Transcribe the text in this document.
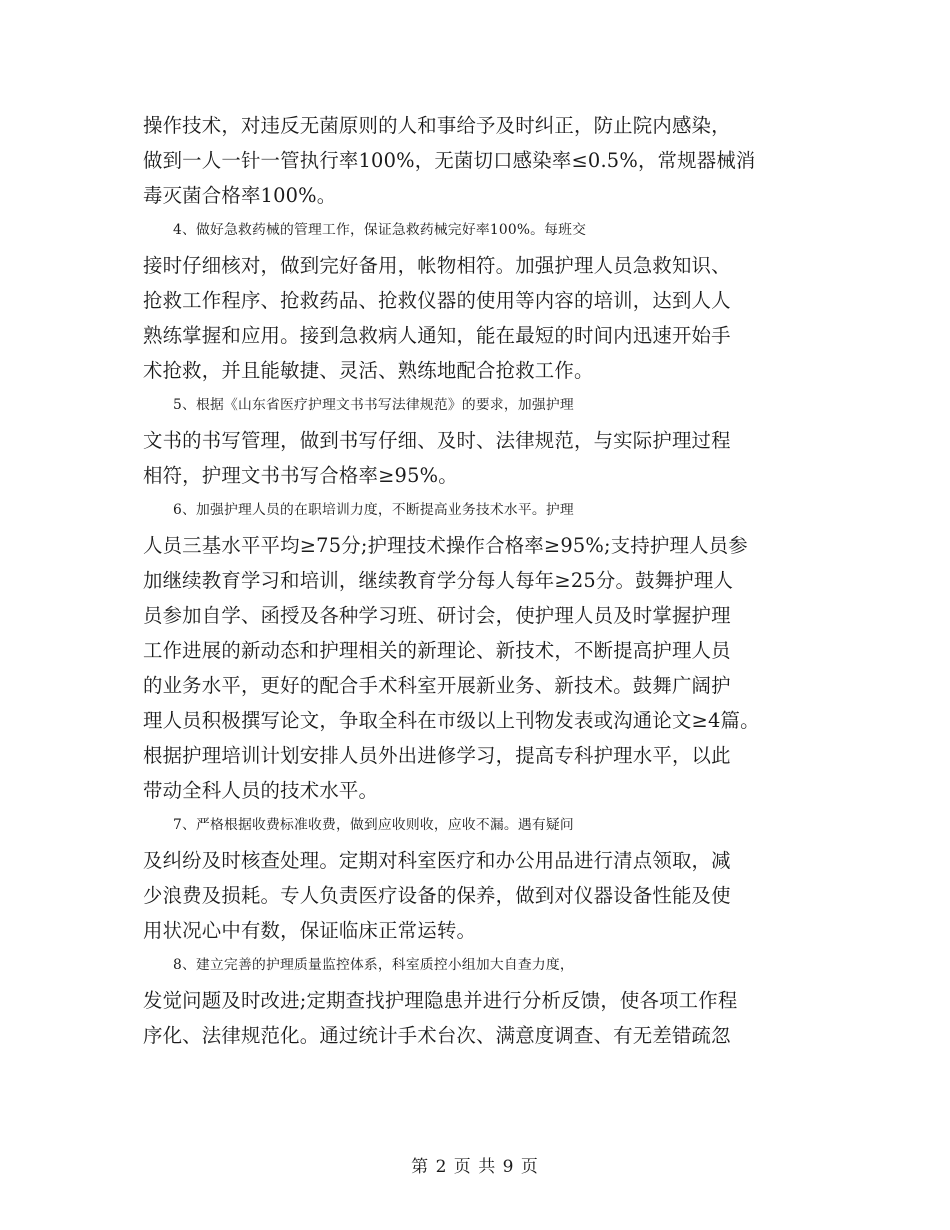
操作技术，对违反无菌原则的人和事给予及时纠正，防止院内感染，
做到一人一针一管执行率100%，无菌切口感染率≤0.5%，常规器械消
毒灭菌合格率100%。
4、做好急救药械的管理工作，保证急救药械完好率100%。每班交
接时仔细核对，做到完好备用，帐物相符。加强护理人员急救知识、
抢救工作程序、抢救药品、抢救仪器的使用等内容的培训，达到人人
熟练掌握和应用。接到急救病人通知，能在最短的时间内迅速开始手
术抢救，并且能敏捷、灵活、熟练地配合抢救工作。
5、根据《山东省医疗护理文书书写法律规范》的要求，加强护理
文书的书写管理，做到书写仔细、及时、法律规范，与实际护理过程
相符，护理文书书写合格率≥95%。
6、加强护理人员的在职培训力度，不断提高业务技术水平。护理
人员三基水平平均≥75分;护理技术操作合格率≥95%;支持护理人员参
加继续教育学习和培训，继续教育学分每人每年≥25分。鼓舞护理人
员参加自学、函授及各种学习班、研讨会，使护理人员及时掌握护理
工作进展的新动态和护理相关的新理论、新技术，不断提高护理人员
的业务水平，更好的配合手术科室开展新业务、新技术。鼓舞广阔护
理人员积极撰写论文，争取全科在市级以上刊物发表或沟通论文≥4篇。
根据护理培训计划安排人员外出进修学习，提高专科护理水平，以此
带动全科人员的技术水平。
7、严格根据收费标准收费，做到应收则收，应收不漏。遇有疑问
及纠纷及时核查处理。定期对科室医疗和办公用品进行清点领取，减
少浪费及损耗。专人负责医疗设备的保养，做到对仪器设备性能及使
用状况心中有数，保证临床正常运转。
8、建立完善的护理质量监控体系，科室质控小组加大自查力度，
发觉问题及时改进;定期查找护理隐患并进行分析反馈，使各项工作程
序化、法律规范化。通过统计手术台次、满意度调查、有无差错疏忽
第 2 页 共 9 页
